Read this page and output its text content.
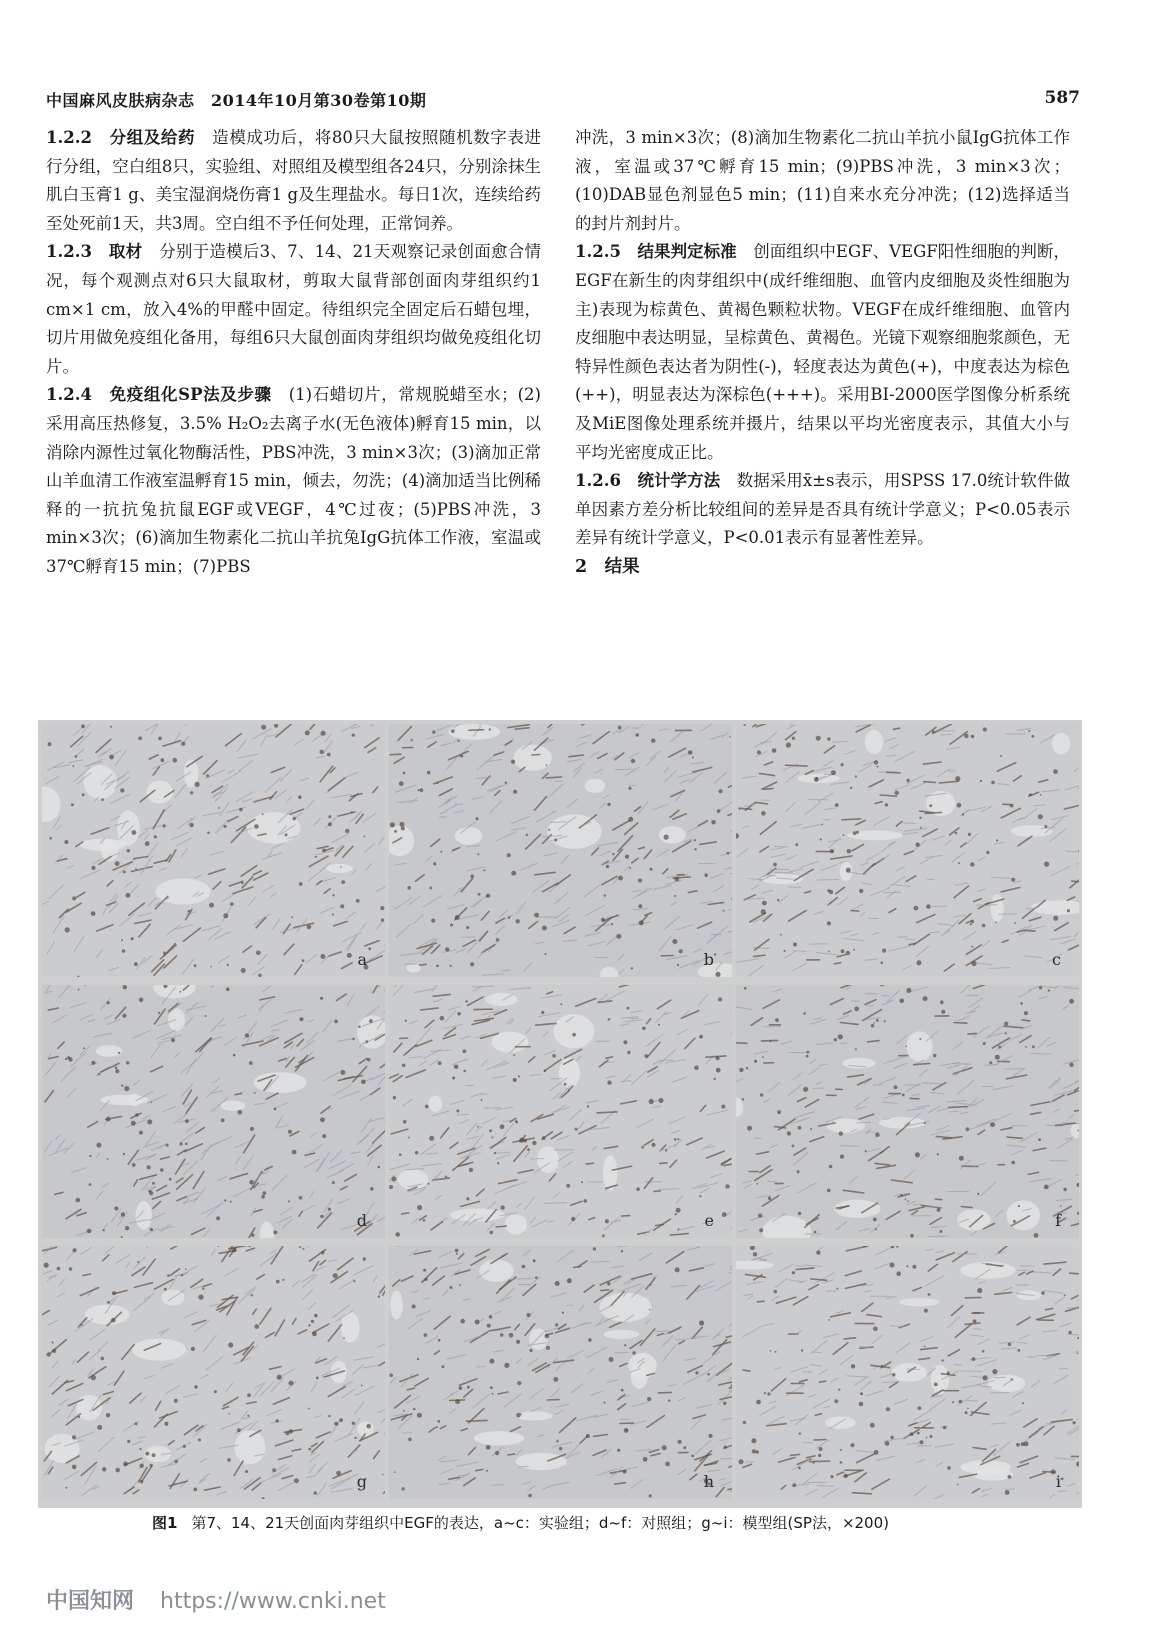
中国麻风皮肤病杂志　2014年10月第30卷第10期	587

1.2.2　分组及给药　造模成功后，将80只大鼠按照随机数字表进行分组，空白组8只，实验组、对照组及模型组各24只，分别涂抹生肌白玉膏1 g、美宝湿润烧伤膏1 g及生理盐水。每日1次，连续给药至处死前1天，共3周。空白组不予任何处理，正常饲养。

1.2.3　取材　分别于造模后3、7、14、21天观察记录创面愈合情况，每个观测点对6只大鼠取材，剪取大鼠背部创面肉芽组织约1 cm×1 cm，放入4%的甲醛中固定。待组织完全固定后石蜡包埋，切片用做免疫组化备用，每组6只大鼠创面肉芽组织均做免疫组化切片。

1.2.4　免疫组化SP法及步骤　(1)石蜡切片，常规脱蜡至水；(2)采用高压热修复，3.5% H₂O₂去离子水(无色液体)孵育15 min，以消除内源性过氧化物酶活性，PBS冲洗，3 min×3次；(3)滴加正常山羊血清工作液室温孵育15 min，倾去，勿洗；(4)滴加适当比例稀释的一抗抗兔抗鼠EGF或VEGF，4℃过夜；(5)PBS冲洗，3 min×3次；(6)滴加生物素化二抗山羊抗兔IgG抗体工作液，室温或37℃孵育15 min；(7)PBS

冲洗，3 min×3次；(8)滴加生物素化二抗山羊抗小鼠IgG抗体工作液，室温或37℃孵育15 min；(9)PBS冲洗，3 min×3次；(10)DAB显色剂显色5 min；(11)自来水充分冲洗；(12)选择适当的封片剂封片。

1.2.5　结果判定标准　创面组织中EGF、VEGF阳性细胞的判断，EGF在新生的肉芽组织中(成纤维细胞、血管内皮细胞及炎性细胞为主)表现为棕黄色、黄褐色颗粒状物。VEGF在成纤维细胞、血管内皮细胞中表达明显，呈棕黄色、黄褐色。光镜下观察细胞浆颜色，无特异性颜色表达者为阴性(-)，轻度表达为黄色(+)，中度表达为棕色(++)，明显表达为深棕色(+++)。采用BI-2000医学图像分析系统及MiE图像处理系统并摄片，结果以平均光密度表示，其值大小与平均光密度成正比。

1.2.6　统计学方法　数据采用x̄±s表示，用SPSS 17.0统计软件做单因素方差分析比较组间的差异是否具有统计学意义；P<0.05表示差异有统计学意义，P<0.01表示有显著性差异。

2　结果

a	b	c
d	e	f
g	h	i
图1 第7、14、21天创面肉芽组织中EGF的表达，a~c：实验组；d~f：对照组；g~i：模型组(SP法，×200)
中国知网 https://www.cnki.net
